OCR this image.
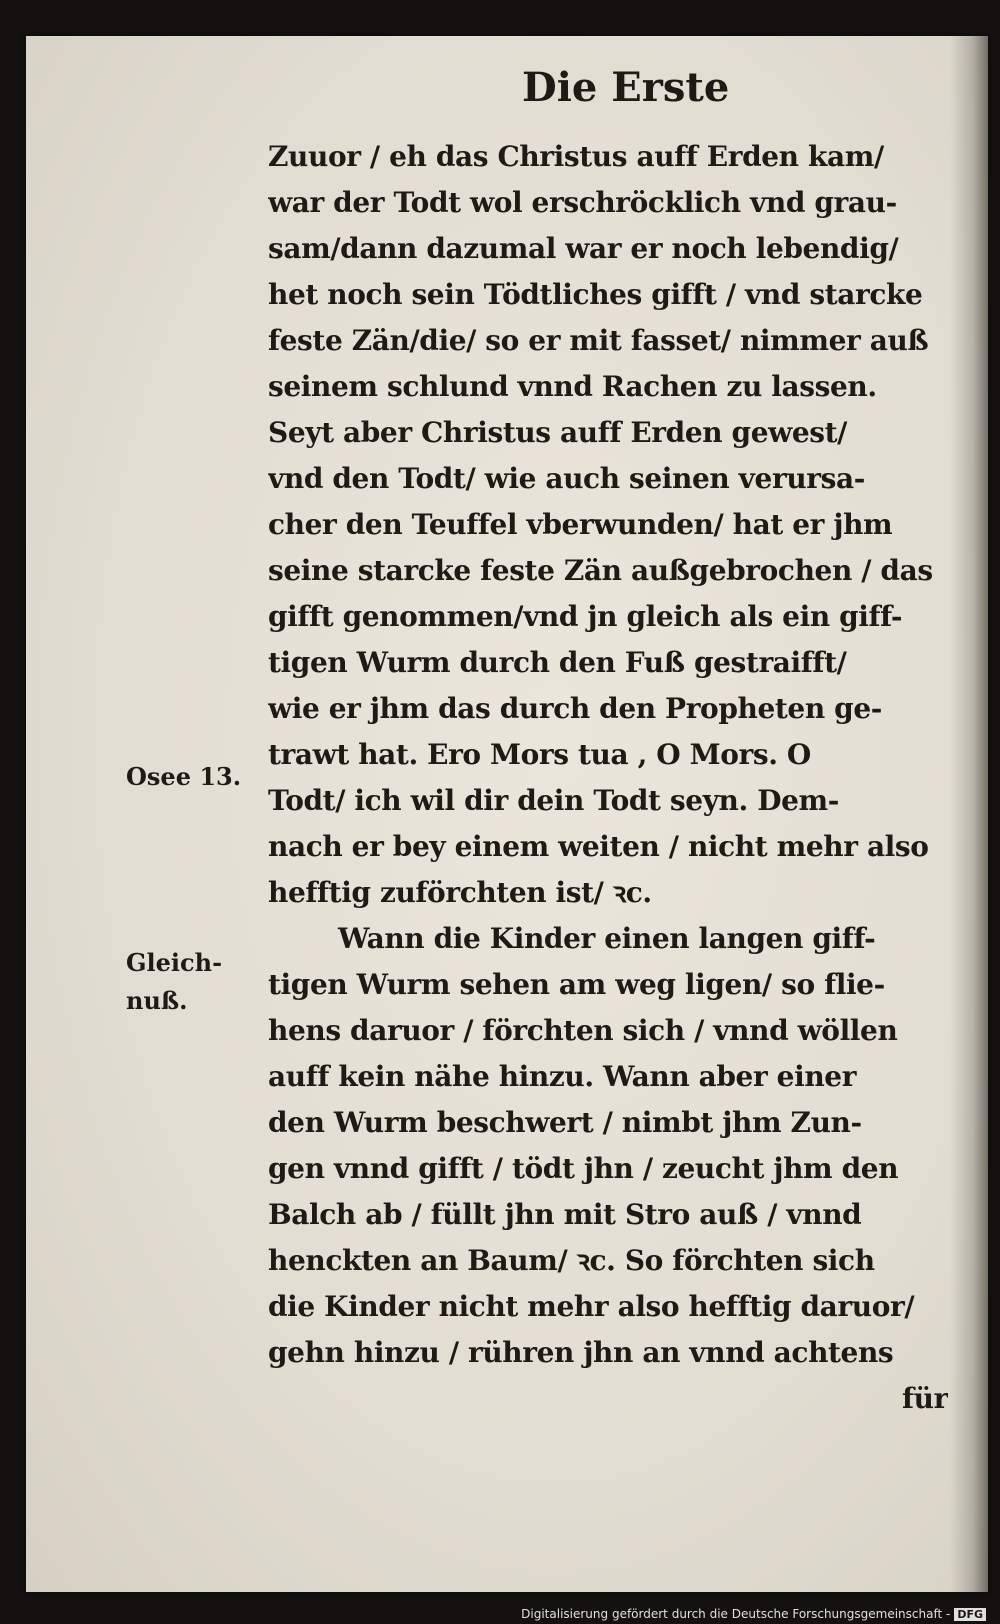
Die Erste
Zuuor / eh das Christus auff Erden kam/
war der Todt wol erschröcklich vnd grau-
sam/dann dazumal war er noch lebendig/
het noch sein Tödtliches gifft / vnd starcke
feste Zän/die/ so er mit fasset/ nimmer auß
seinem schlund vnnd Rachen zu lassen.
Seyt aber Christus auff Erden gewest/
vnd den Todt/ wie auch seinen verursa-
cher den Teuffel vberwunden/ hat er jhm
seine starcke feste Zän außgebrochen / das
gifft genommen/vnd jn gleich als ein giff-
tigen Wurm durch den Fuß gestraifft/
wie er jhm das durch den Propheten ge-
trawt hat. Ero Mors tua , O Mors. O
Todt/ ich wil dir dein Todt seyn. Dem-
nach er bey einem weiten / nicht mehr also
hefftig zuförchten ist/ ꝛc.
Wann die Kinder einen langen giff-
tigen Wurm sehen am weg ligen/ so flie-
hens daruor / förchten sich / vnnd wöllen
auff kein nähe hinzu. Wann aber einer
den Wurm beschwert / nimbt jhm Zun-
gen vnnd gifft / tödt jhn / zeucht jhm den
Balch ab / füllt jhn mit Stro auß / vnnd
henckten an Baum/ ꝛc. So förchten sich
die Kinder nicht mehr also hefftig daruor/
gehn hinzu / rühren jhn an vnnd achtens
für
Osee 13.
Gleich-
nuß.
Digitalisierung gefördert durch die Deutsche Forschungsgemeinschaft - DFG
